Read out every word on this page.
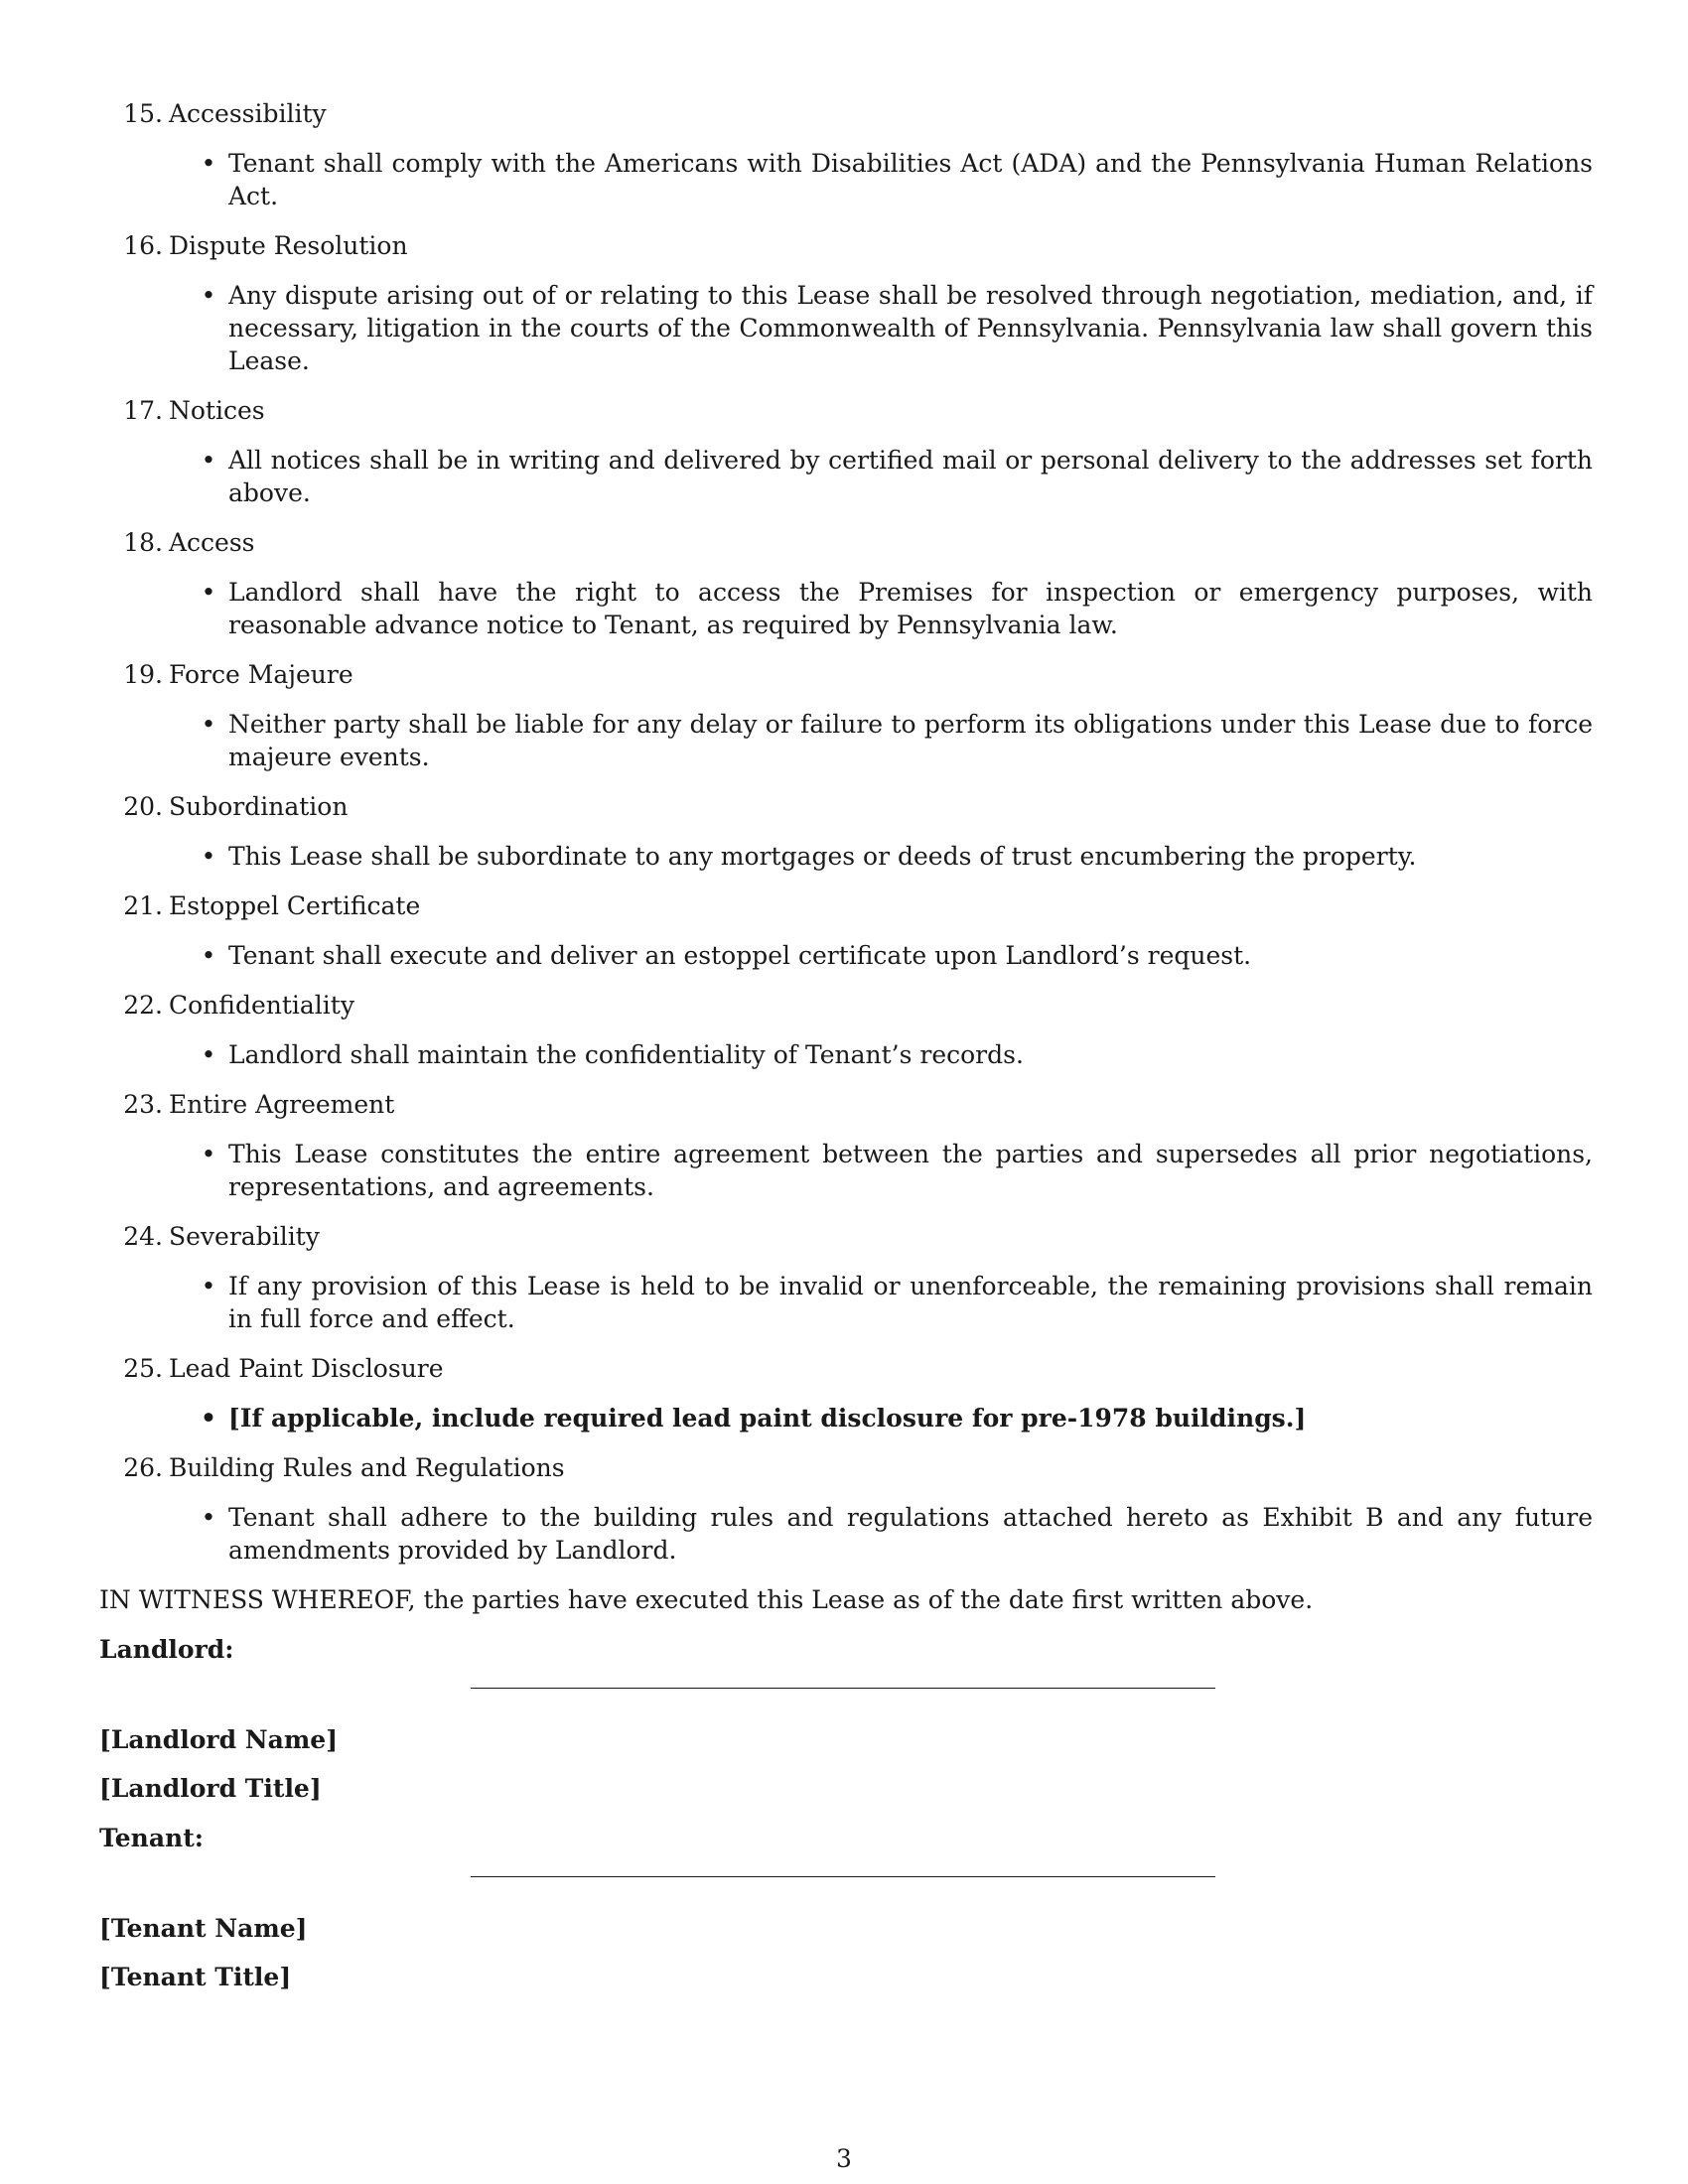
15. Accessibility
• Tenant shall comply with the Americans with Disabilities Act (ADA) and the Pennsylvania Human Relations Act.
16. Dispute Resolution
• Any dispute arising out of or relating to this Lease shall be resolved through negotiation, mediation, and, if necessary, litigation in the courts of the Commonwealth of Pennsylvania. Pennsylvania law shall govern this Lease.
17. Notices
• All notices shall be in writing and delivered by certified mail or personal delivery to the addresses set forth above.
18. Access
• Landlord shall have the right to access the Premises for inspection or emergency purposes, with reasonable advance notice to Tenant, as required by Pennsylvania law.
19. Force Majeure
• Neither party shall be liable for any delay or failure to perform its obligations under this Lease due to force majeure events.
20. Subordination
• This Lease shall be subordinate to any mortgages or deeds of trust encumbering the property.
21. Estoppel Certificate
• Tenant shall execute and deliver an estoppel certificate upon Landlord’s request.
22. Confidentiality
• Landlord shall maintain the confidentiality of Tenant’s records.
23. Entire Agreement
• This Lease constitutes the entire agreement between the parties and supersedes all prior negotiations, representations, and agreements.
24. Severability
• If any provision of this Lease is held to be invalid or unenforceable, the remaining provisions shall remain in full force and effect.
25. Lead Paint Disclosure
• [If applicable, include required lead paint disclosure for pre-1978 buildings.]
26. Building Rules and Regulations
• Tenant shall adhere to the building rules and regulations attached hereto as Exhibit B and any future amendments provided by Landlord.
IN WITNESS WHEREOF, the parties have executed this Lease as of the date first written above.
Landlord:
[Landlord Name]
[Landlord Title]
Tenant:
[Tenant Name]
[Tenant Title]
3
